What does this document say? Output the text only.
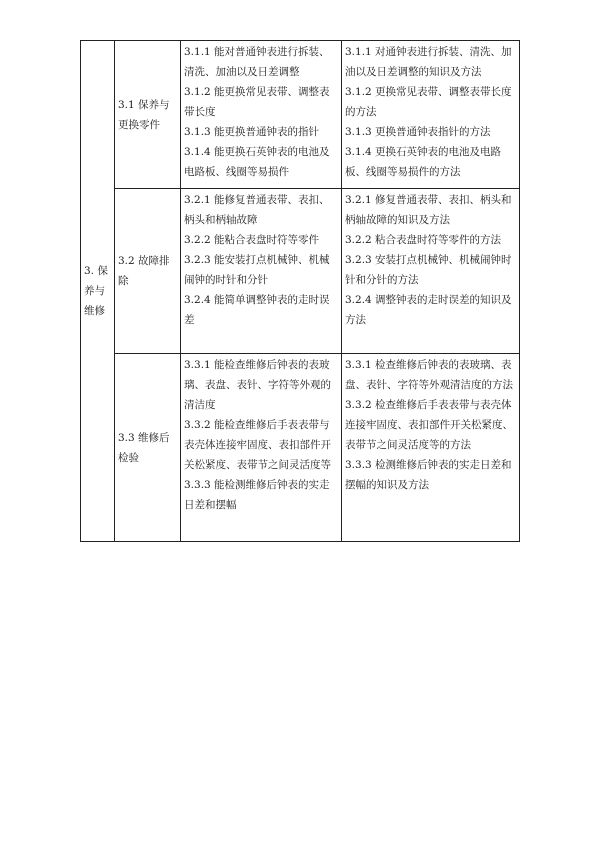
3. 保养与维修	3.1 保养与更换零件	3.1.1 能对普通钟表进行拆装、清洗、加油以及日差调整
3.1.2 能更换常见表带、调整表带长度
3.1.3 能更换普通钟表的指针
3.1.4 能更换石英钟表的电池及电路板、线圈等易损件	3.1.1 对通钟表进行拆装、清洗、加油以及日差调整的知识及方法
3.1.2 更换常见表带、调整表带长度的方法
3.1.3 更换普通钟表指针的方法
3.1.4 更换石英钟表的电池及电路板、线圈等易损件的方法

	3.2 故障排除	3.2.1 能修复普通表带、表扣、柄头和柄轴故障
3.2.2 能粘合表盘时符等零件
3.2.3 能安装打点机械钟、机械闹钟的时针和分针
3.2.4 能简单调整钟表的走时误差	3.2.1 修复普通表带、表扣、柄头和柄轴故障的知识及方法
3.2.2 粘合表盘时符等零件的方法
3.2.3 安装打点机械钟、机械闹钟时针和分针的方法
3.2.4 调整钟表的走时误差的知识及方法

	3.3 维修后检验	3.3.1 能检查维修后钟表的表玻璃、表盘、表针、字符等外观的清洁度
3.3.2 能检查维修后手表表带与表壳体连接牢固度、表扣部件开关松紧度、表带节之间灵活度等
3.3.3 能检测维修后钟表的实走日差和摆幅	3.3.1 检查维修后钟表的表玻璃、表盘、表针、字符等外观清洁度的方法
3.3.2 检查维修后手表表带与表壳体连接牢固度、表扣部件开关松紧度、表带节之间灵活度等的方法
3.3.3 检测维修后钟表的实走日差和摆幅的知识及方法
